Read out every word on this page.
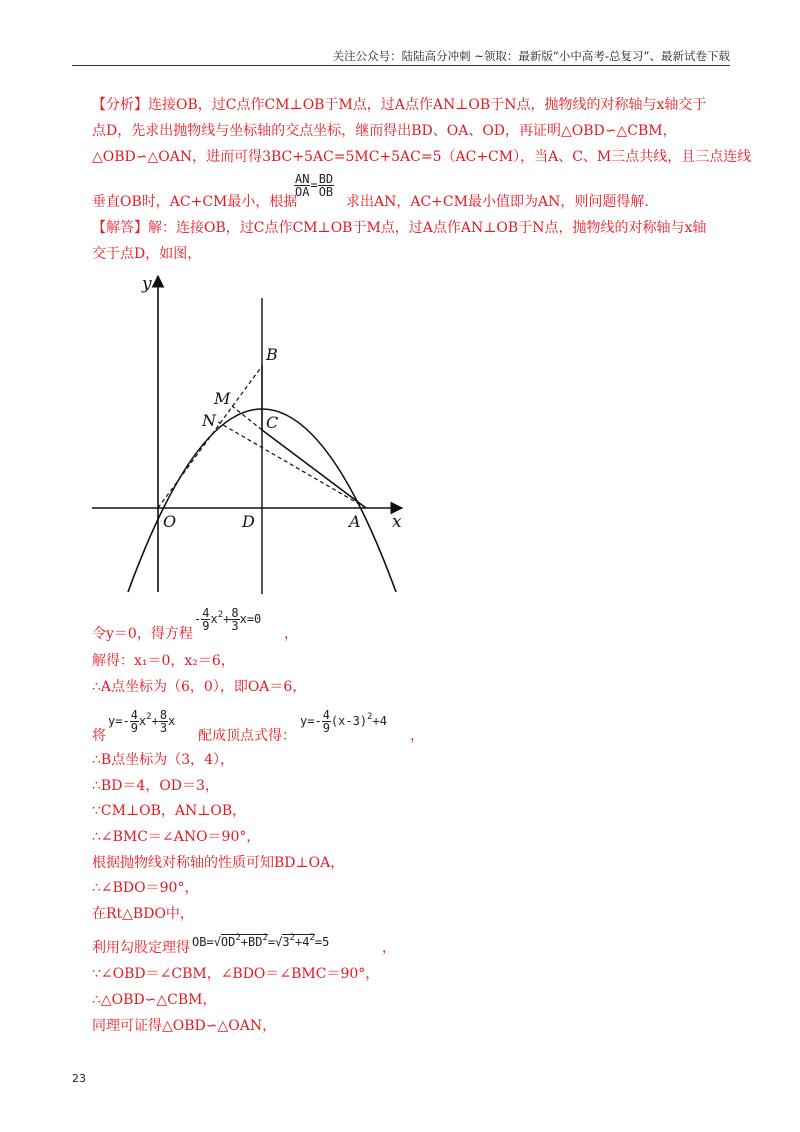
关注公众号：陆陆高分冲刺 ~领取：最新版“小中高考-总复习”、最新试卷下载
【分析】连接OB，过C点作CM⊥OB于M点，过A点作AN⊥OB于N点，抛物线的对称轴与x轴交于
点D，先求出抛物线与坐标轴的交点坐标，继而得出BD、OA、OD，再证明△OBD∽△CBM，
△OBD∽△OAN，进而可得3BC+5AC=5MC+5AC=5（AC+CM），当A、C、M三点共线，且三点连线
垂直OB时，AC+CM最小，根据
$\frac{AN}{OA} = \frac{BD}{OB}$
求出AN，AC+CM最小值即为AN，则问题得解.
【解答】解：连接OB，过C点作CM⊥OB于M点，过A点作AN⊥OB于N点，抛物线的对称轴与x轴
交于点D，如图，
y
x
O	D	A
B
C
M
N
令y＝0，得方程
- $\frac{4}{9} x^2+ \frac{8}{3} x=0$
，
解得：x₁＝0，x₂＝6，
∴A点坐标为（6，0），即OA＝6，
将
$y=- \frac{4}{9} x^2+ \frac{8}{3}$ x
配成顶点式得：
$y=- \frac{4}{9} (x-3)^2+4$
，
∴B点坐标为（3，4），
∴BD＝4，OD＝3，
∵CM⊥OB，AN⊥OB，
∴∠BMC＝∠ANO＝90°，
根据抛物线对称轴的性质可知BD⊥OA，
∴∠BDO＝90°，
在Rt△BDO中，
利用勾股定理得 $OB=√OD^2+BD^2=√3^2+4^2=5$	，
∵∠OBD＝∠CBM，∠BDO＝∠BMC＝90°，
∴△OBD∽△CBM，
同理可证得△OBD∽△OAN，
23
